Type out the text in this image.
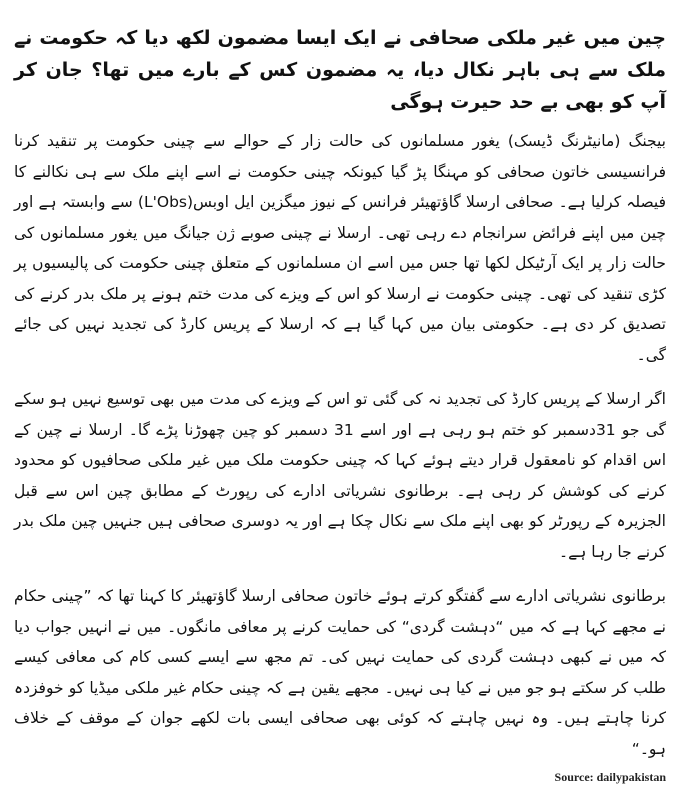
چین میں غیر ملکی صحافی نے ایک ایسا مضمون لکھ دیا کہ حکومت نے ملک سے ہی باہر نکال دیا، یہ مضمون کس کے بارے میں تھا؟ جان کر آپ کو بھی بے حد حیرت ہوگی

بیجنگ (مانیٹرنگ ڈیسک) یغور مسلمانوں کی حالت زار کے حوالے سے چینی حکومت پر تنقید کرنا فرانسیسی خاتون صحافی کو مہنگا پڑ گیا کیونکہ چینی حکومت نے اسے اپنے ملک سے ہی نکالنے کا فیصلہ کرلیا ہے۔ صحافی ارسلا گاﺅتھیئر فرانس کے نیوز میگزین ایل اوبس(L'Obs) سے وابستہ ہے اور چین میں اپنے فرائض سرانجام دے رہی تھی۔ ارسلا نے چینی صوبے ژن جیانگ میں یغور مسلمانوں کی حالت زار پر ایک آرٹیکل لکھا تھا جس میں اسے ان مسلمانوں کے متعلق چینی حکومت کی پالیسیوں پر کڑی تنقید کی تھی۔ چینی حکومت نے ارسلا کو اس کے ویزے کی مدت ختم ہونے پر ملک بدر کرنے کی تصدیق کر دی ہے۔ حکومتی بیان میں کہا گیا ہے کہ ارسلا کے پریس کارڈ کی تجدید نہیں کی جائے گی۔

اگر ارسلا کے پریس کارڈ کی تجدید نہ کی گئی تو اس کے ویزے کی مدت میں بھی توسیع نہیں ہو سکے گی جو 31دسمبر کو ختم ہو رہی ہے اور اسے 31 دسمبر کو چین چھوڑنا پڑے گا۔ ارسلا نے چین کے اس اقدام کو نامعقول قرار دیتے ہوئے کہا کہ چینی حکومت ملک میں غیر ملکی صحافیوں کو محدود کرنے کی کوشش کر رہی ہے۔ برطانوی نشریاتی ادارے کی رپورٹ کے مطابق چین اس سے قبل الجزیرہ کے رپورٹر کو بھی اپنے ملک سے نکال چکا ہے اور یہ دوسری صحافی ہیں جنہیں چین ملک بدر کرنے جا رہا ہے۔

برطانوی نشریاتی ادارے سے گفتگو کرتے ہوئے خاتون صحافی ارسلا گاﺅتھیئر کا کہنا تھا کہ ”چینی حکام نے مجھے کہا ہے کہ میں “دہشت گردی“ کی حمایت کرنے پر معافی مانگوں۔ میں نے انہیں جواب دیا کہ میں نے کبھی دہشت گردی کی حمایت نہیں کی۔ تم مجھ سے ایسے کسی کام کی معافی کیسے طلب کر سکتے ہو جو میں نے کیا ہی نہیں۔ مجھے یقین ہے کہ چینی حکام غیر ملکی میڈیا کو خوفزدہ کرنا چاہتے ہیں۔ وہ نہیں چاہتے کہ کوئی بھی صحافی ایسی بات لکھے جوان کے موقف کے خلاف ہو۔“

Source: dailypakistan
